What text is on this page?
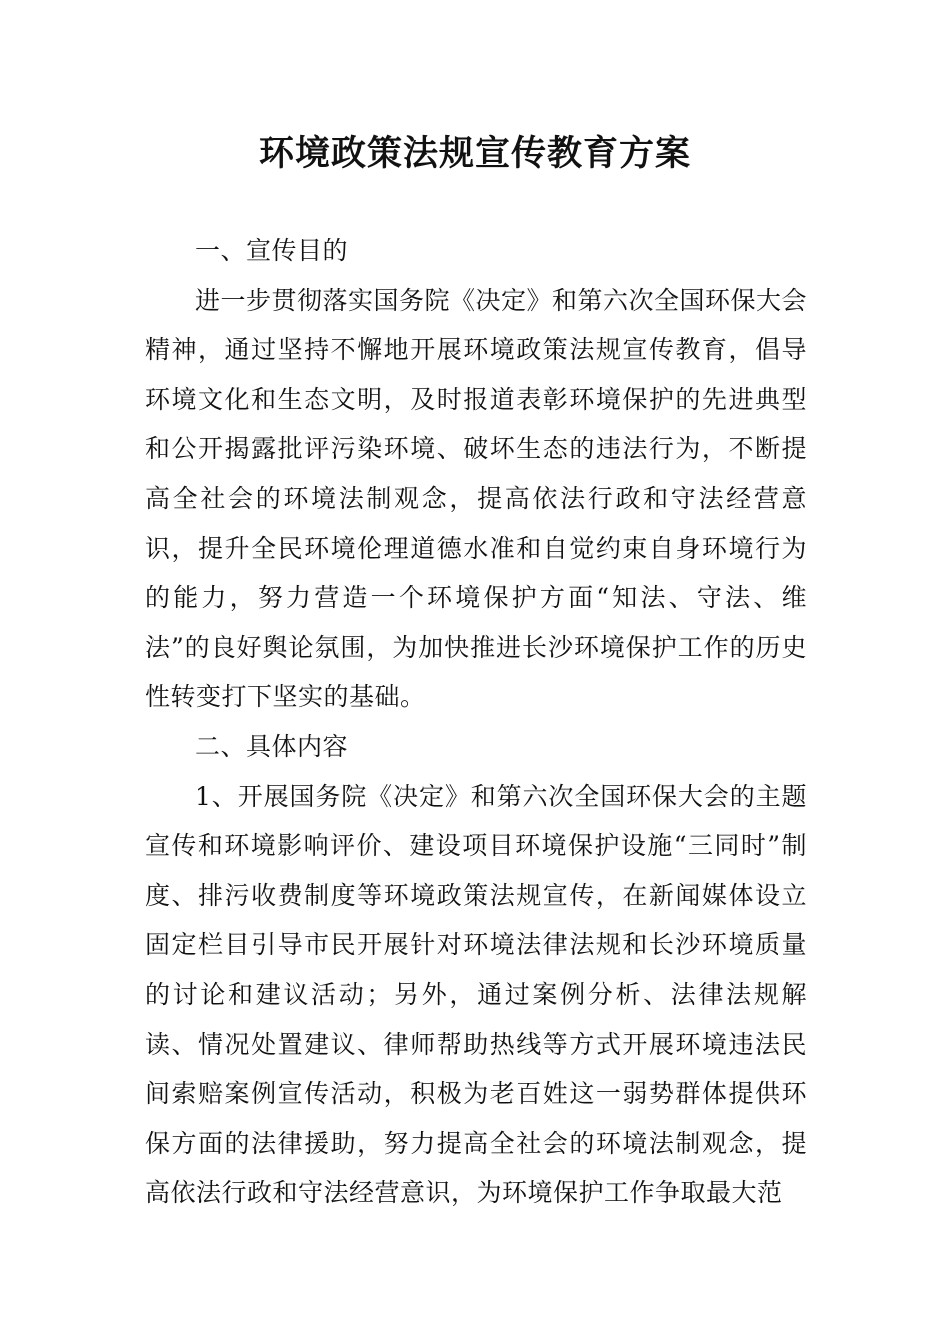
环境政策法规宣传教育方案

一、宣传目的

进一步贯彻落实国务院《决定》和第六次全国环保大会精神，通过坚持不懈地开展环境政策法规宣传教育，倡导环境文化和生态文明，及时报道表彰环境保护的先进典型和公开揭露批评污染环境、破坏生态的违法行为，不断提高全社会的环境法制观念，提高依法行政和守法经营意识，提升全民环境伦理道德水准和自觉约束自身环境行为的能力，努力营造一个环境保护方面“知法、守法、维法”的良好舆论氛围，为加快推进长沙环境保护工作的历史性转变打下坚实的基础。

二、具体内容

1、开展国务院《决定》和第六次全国环保大会的主题宣传和环境影响评价、建设项目环境保护设施“三同时”制度、排污收费制度等环境政策法规宣传，在新闻媒体设立固定栏目引导市民开展针对环境法律法规和长沙环境质量的讨论和建议活动；另外，通过案例分析、法律法规解读、情况处置建议、律师帮助热线等方式开展环境违法民间索赔案例宣传活动，积极为老百姓这一弱势群体提供环保方面的法律援助，努力提高全社会的环境法制观念，提高依法行政和守法经营意识，为环境保护工作争取最大范
